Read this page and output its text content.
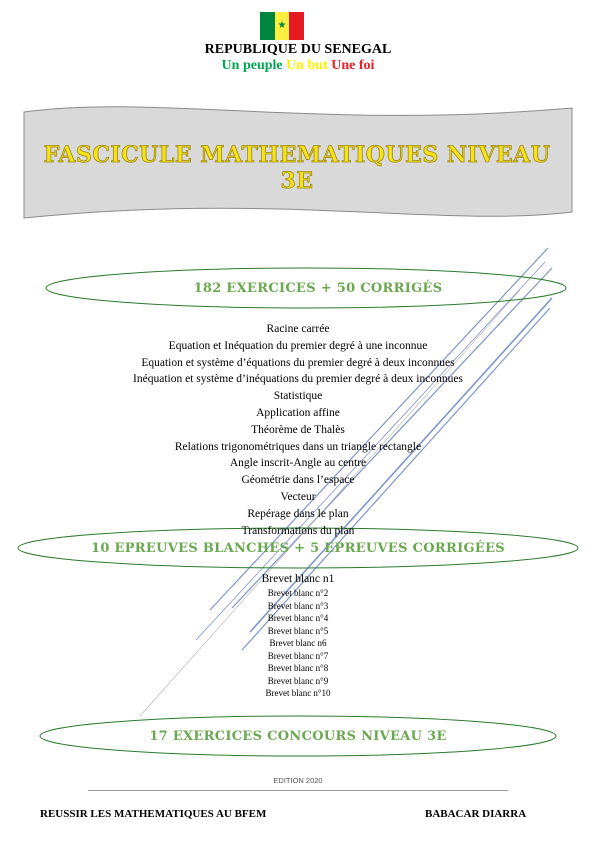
★
REPUBLIQUE DU SENEGAL
Un peuple Un but Une foi
FASCICULE MATHEMATIQUES NIVEAU 3E
182 EXERCICES + 50 CORRIGÉS
10 EPREUVES BLANCHES + 5 EPREUVES CORRIGÉES
17 EXERCICES CONCOURS NIVEAU 3E
Racine carrée
Equation et Inéquation du premier degré à une inconnue
Equation et système d’équations du premier degré à deux inconnues
Inéquation et système d’inéquations du premier degré à deux inconnues
Statistique
Application affine
Théorème de Thalès
Relations trigonométriques dans un triangle rectangle
Angle inscrit-Angle au centre
Géométrie dans l’espace
Vecteur
Repérage dans le plan
Transformations du plan
Brevet blanc n1
Brevet blanc n°2
Brevet blanc n°3
Brevet blanc n°4
Brevet blanc n°5
Brevet blanc n6
Brevet blanc n°7
Brevet blanc n°8
Brevet blanc n°9
Brevet blanc n°10
EDITION 2020
REUSSIR LES MATHEMATIQUES AU BFEM	BABACAR DIARRA
